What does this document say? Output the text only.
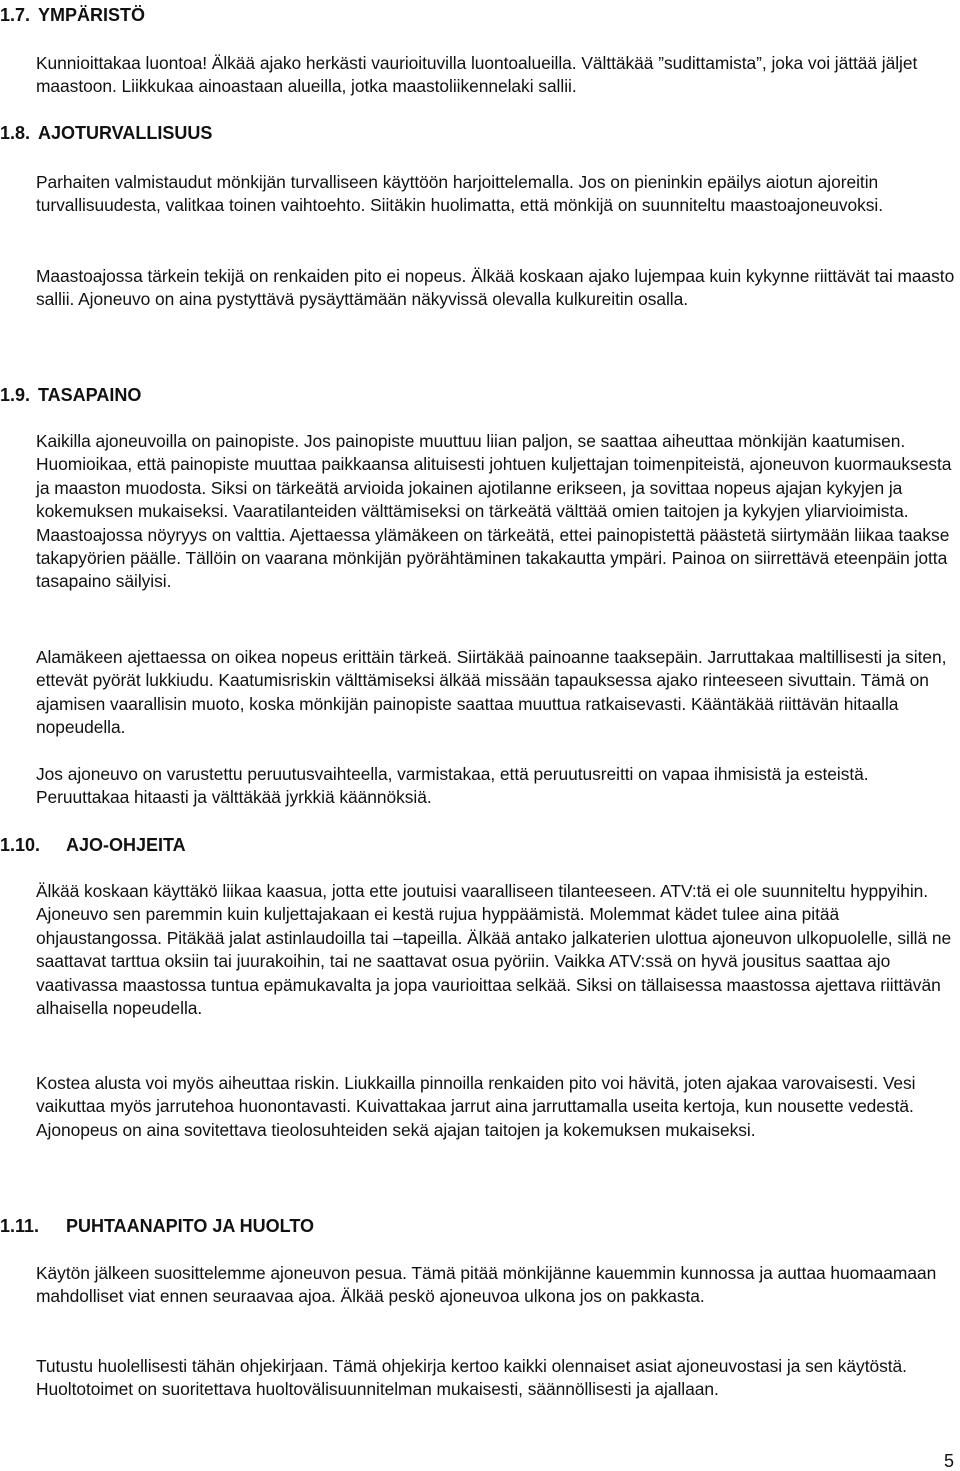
1.7. YMPÄRISTÖ

Kunnioittakaa luontoa! Älkää ajako herkästi vaurioituvilla luontoalueilla. Välttäkää ”sudittamista”, joka voi jättää jäljet maastoon. Liikkukaa ainoastaan alueilla, jotka maastoliikennelaki sallii.

1.8. AJOTURVALLISUUS

Parhaiten valmistaudut mönkijän turvalliseen käyttöön harjoittelemalla. Jos on pieninkin epäilys aiotun ajoreitin turvallisuudesta, valitkaa toinen vaihtoehto. Siitäkin huolimatta, että mönkijä on suunniteltu maastoajoneuvoksi.

Maastoajossa tärkein tekijä on renkaiden pito ei nopeus. Älkää koskaan ajako lujempaa kuin kykynne riittävät tai maasto sallii. Ajoneuvo on aina pystyttävä pysäyttämään näkyvissä olevalla kulkureitin osalla.

1.9. TASAPAINO

Kaikilla ajoneuvoilla on painopiste. Jos painopiste muuttuu liian paljon, se saattaa aiheuttaa mönkijän kaatumisen. Huomioikaa, että painopiste muuttaa paikkaansa alituisesti johtuen kuljettajan toimenpiteistä, ajoneuvon kuormauksesta ja maaston muodosta. Siksi on tärkeätä arvioida jokainen ajotilanne erikseen, ja sovittaa nopeus ajajan kykyjen ja kokemuksen mukaiseksi. Vaaratilanteiden välttämiseksi on tärkeätä välttää omien taitojen ja kykyjen yliarvioimista. Maastoajossa nöyryys on valttia. Ajettaessa ylämäkeen on tärkeätä, ettei painopistettä päästetä siirtymään liikaa taakse takapyörien päälle. Tällöin on vaarana mönkijän pyörähtäminen takakautta ympäri. Painoa on siirrettävä eteenpäin jotta tasapaino säilyisi.

Alamäkeen ajettaessa on oikea nopeus erittäin tärkeä. Siirtäkää painoanne taaksepäin. Jarruttakaa maltillisesti ja siten, ettevät pyörät lukkiudu. Kaatumisriskin välttämiseksi älkää missään tapauksessa ajako rinteeseen sivuttain. Tämä on ajamisen vaarallisin muoto, koska mönkijän painopiste saattaa muuttua ratkaisevasti. Kääntäkää riittävän hitaalla nopeudella.

Jos ajoneuvo on varustettu peruutusvaihteella, varmistakaa, että peruutusreitti on vapaa ihmisistä ja esteistä. Peruuttakaa hitaasti ja välttäkää jyrkkiä käännöksiä.

1.10. AJO-OHJEITA

Älkää koskaan käyttäkö liikaa kaasua, jotta ette joutuisi vaaralliseen tilanteeseen. ATV:tä ei ole suunniteltu hyppyihin. Ajoneuvo sen paremmin kuin kuljettajakaan ei kestä rujua hyppäämistä. Molemmat kädet tulee aina pitää ohjaustangossa. Pitäkää jalat astinlaudoilla tai –tapeilla. Älkää antako jalkaterien ulottua ajoneuvon ulkopuolelle, sillä ne saattavat tarttua oksiin tai juurakoihin, tai ne saattavat osua pyöriin. Vaikka ATV:ssä on hyvä jousitus saattaa ajo vaativassa maastossa tuntua epämukavalta ja jopa vaurioittaa selkää. Siksi on tällaisessa maastossa ajettava riittävän alhaisella nopeudella.

Kostea alusta voi myös aiheuttaa riskin. Liukkailla pinnoilla renkaiden pito voi hävitä, joten ajakaa varovaisesti. Vesi vaikuttaa myös jarrutehoa huonontavasti. Kuivattakaa jarrut aina jarruttamalla useita kertoja, kun nousette vedestä. Ajonopeus on aina sovitettava tieolosuhteiden sekä ajajan taitojen ja kokemuksen mukaiseksi.

1.11. PUHTAANAPITO JA HUOLTO

Käytön jälkeen suosittelemme ajoneuvon pesua. Tämä pitää mönkijänne kauemmin kunnossa ja auttaa huomaamaan mahdolliset viat ennen seuraavaa ajoa. Älkää peskö ajoneuvoa ulkona jos on pakkasta.

Tutustu huolellisesti tähän ohjekirjaan. Tämä ohjekirja kertoo kaikki olennaiset asiat ajoneuvostasi ja sen käytöstä. Huoltotoimet on suoritettava huoltovälisuunnitelman mukaisesti, säännöllisesti ja ajallaan.

5
